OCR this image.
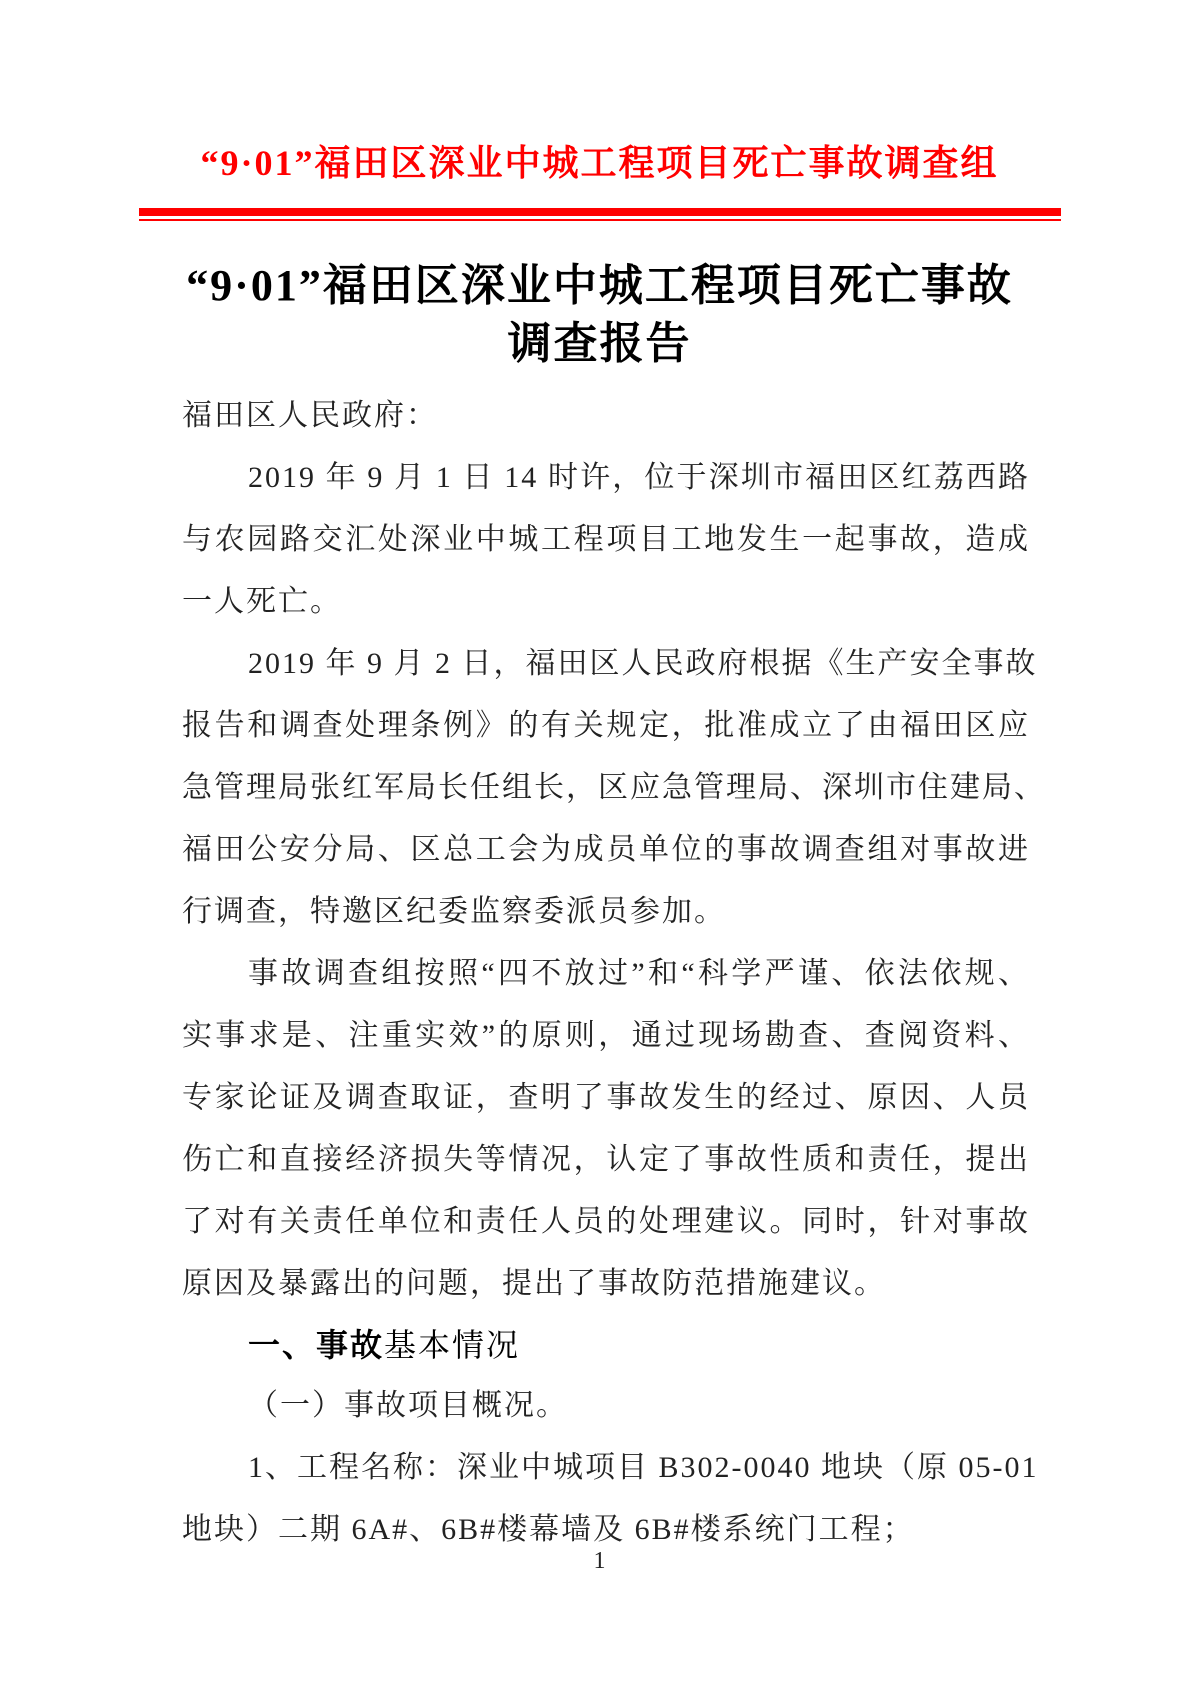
“9·01”福田区深业中城工程项目死亡事故调查组
“9·01”福田区深业中城工程项目死亡事故
调查报告
福田区人民政府：
2019 年 9 月 1 日 14 时许，位于深圳市福田区红荔西路
与农园路交汇处深业中城工程项目工地发生一起事故，造成
一人死亡。
2019 年 9 月 2 日，福田区人民政府根据《生产安全事故
报告和调查处理条例》的有关规定，批准成立了由福田区应
急管理局张红军局长任组长，区应急管理局、深圳市住建局、
福田公安分局、区总工会为成员单位的事故调查组对事故进
行调查，特邀区纪委监察委派员参加。
事故调查组按照“四不放过”和“科学严谨、依法依规、
实事求是、注重实效”的原则，通过现场勘查、查阅资料、
专家论证及调查取证，查明了事故发生的经过、原因、人员
伤亡和直接经济损失等情况，认定了事故性质和责任，提出
了对有关责任单位和责任人员的处理建议。同时，针对事故
原因及暴露出的问题，提出了事故防范措施建议。
一、事故基本情况
（一）事故项目概况。
1、工程名称：深业中城项目 B302-0040 地块（原 05-01
地块）二期 6A#、6B#楼幕墙及 6B#楼系统门工程；
1
